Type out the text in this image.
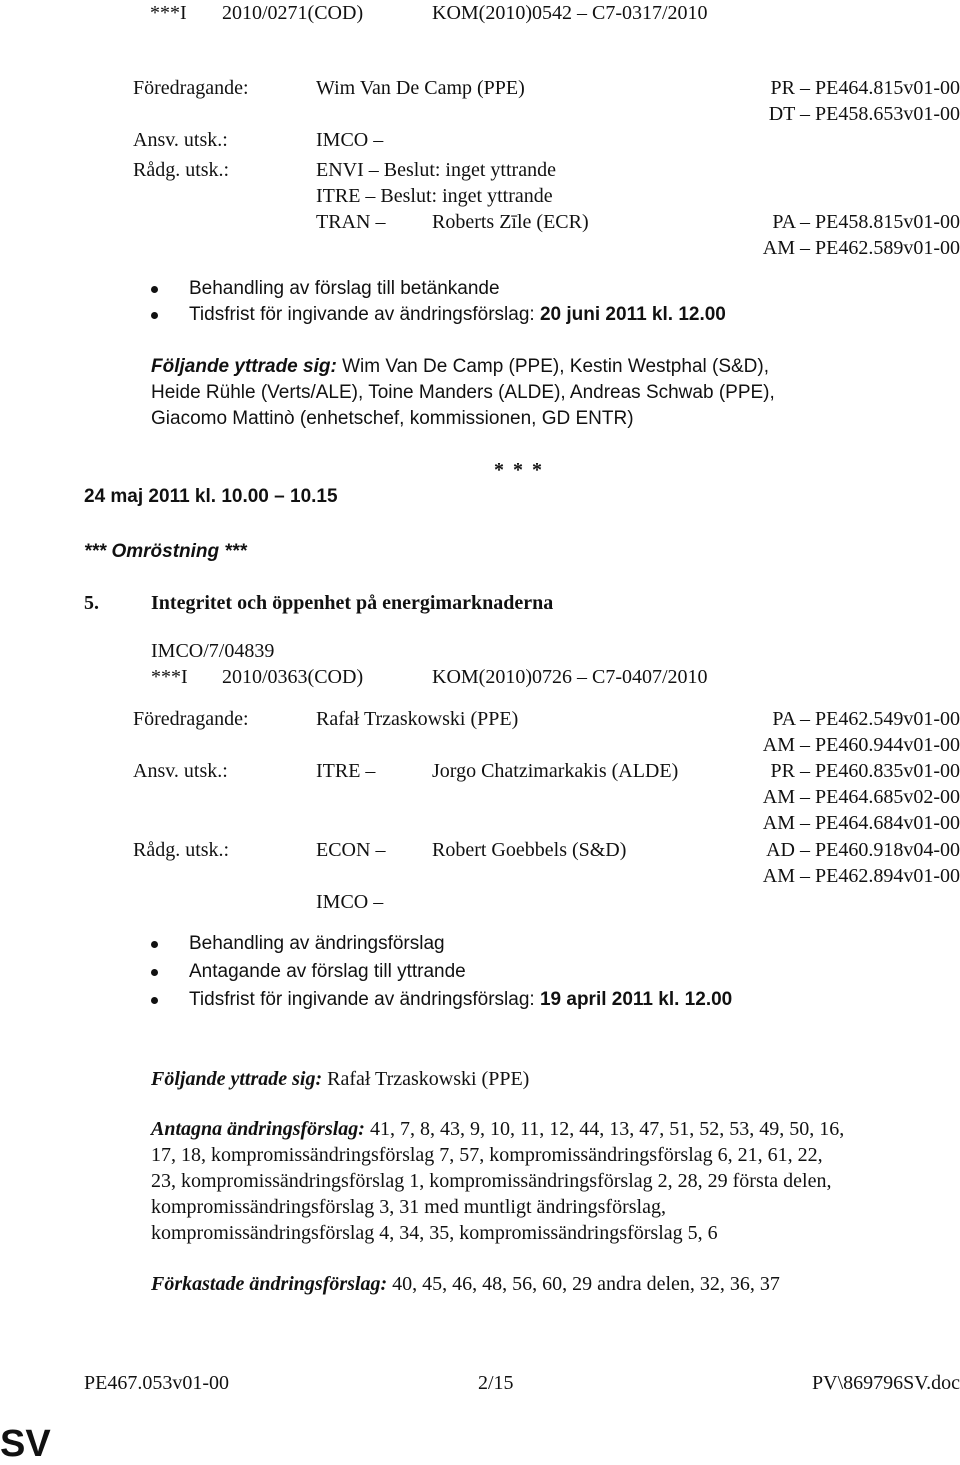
***I 2010/0271(COD)	KOM(2010)0542 – C7-0317/2010
Föredragande:	Wim Van De Camp (PPE)	PR – PE464.815v01-00
DT – PE458.653v01-00
Ansv. utsk.:	IMCO –
Rådg. utsk.:	ENVI – Beslut: inget yttrande
ITRE – Beslut: inget yttrande
TRAN – Roberts Zīle (ECR)	PA – PE458.815v01-00
AM – PE462.589v01-00
Behandling av förslag till betänkande
Tidsfrist för ingivande av ändringsförslag: 20 juni 2011 kl. 12.00
Följande yttrade sig: Wim Van De Camp (PPE), Kestin Westphal (S&D),
Heide Rühle (Verts/ALE), Toine Manders (ALDE), Andreas Schwab (PPE),
Giacomo Mattinò (enhetschef, kommissionen, GD ENTR)
* * *
24 maj 2011 kl. 10.00 – 10.15
*** Omröstning ***
5.	Integritet och öppenhet på energimarknaderna
IMCO/7/04839
***I 2010/0363(COD)	KOM(2010)0726 – C7-0407/2010
Föredragande:	Rafał Trzaskowski (PPE)	PA – PE462.549v01-00
AM – PE460.944v01-00
Ansv. utsk.:	ITRE –	Jorgo Chatzimarkakis (ALDE)	PR – PE460.835v01-00
AM – PE464.685v02-00
AM – PE464.684v01-00
Rådg. utsk.:	ECON – Robert Goebbels (S&D)	AD – PE460.918v04-00
AM – PE462.894v01-00
IMCO –
Behandling av ändringsförslag
Antagande av förslag till yttrande
Tidsfrist för ingivande av ändringsförslag: 19 april 2011 kl. 12.00
Följande yttrade sig: Rafał Trzaskowski (PPE)
Antagna ändringsförslag: 41, 7, 8, 43, 9, 10, 11, 12, 44, 13, 47, 51, 52, 53, 49, 50, 16,
17, 18, kompromissändringsförslag 7, 57, kompromissändringsförslag 6, 21, 61, 22,
23, kompromissändringsförslag 1, kompromissändringsförslag 2, 28, 29 första delen,
kompromissändringsförslag 3, 31 med muntligt ändringsförslag,
kompromissändringsförslag 4, 34, 35, kompromissändringsförslag 5, 6
Förkastade ändringsförslag: 40, 45, 46, 48, 56, 60, 29 andra delen, 32, 36, 37
PE467.053v01-00	2/15	PV\869796SV.doc
SV
